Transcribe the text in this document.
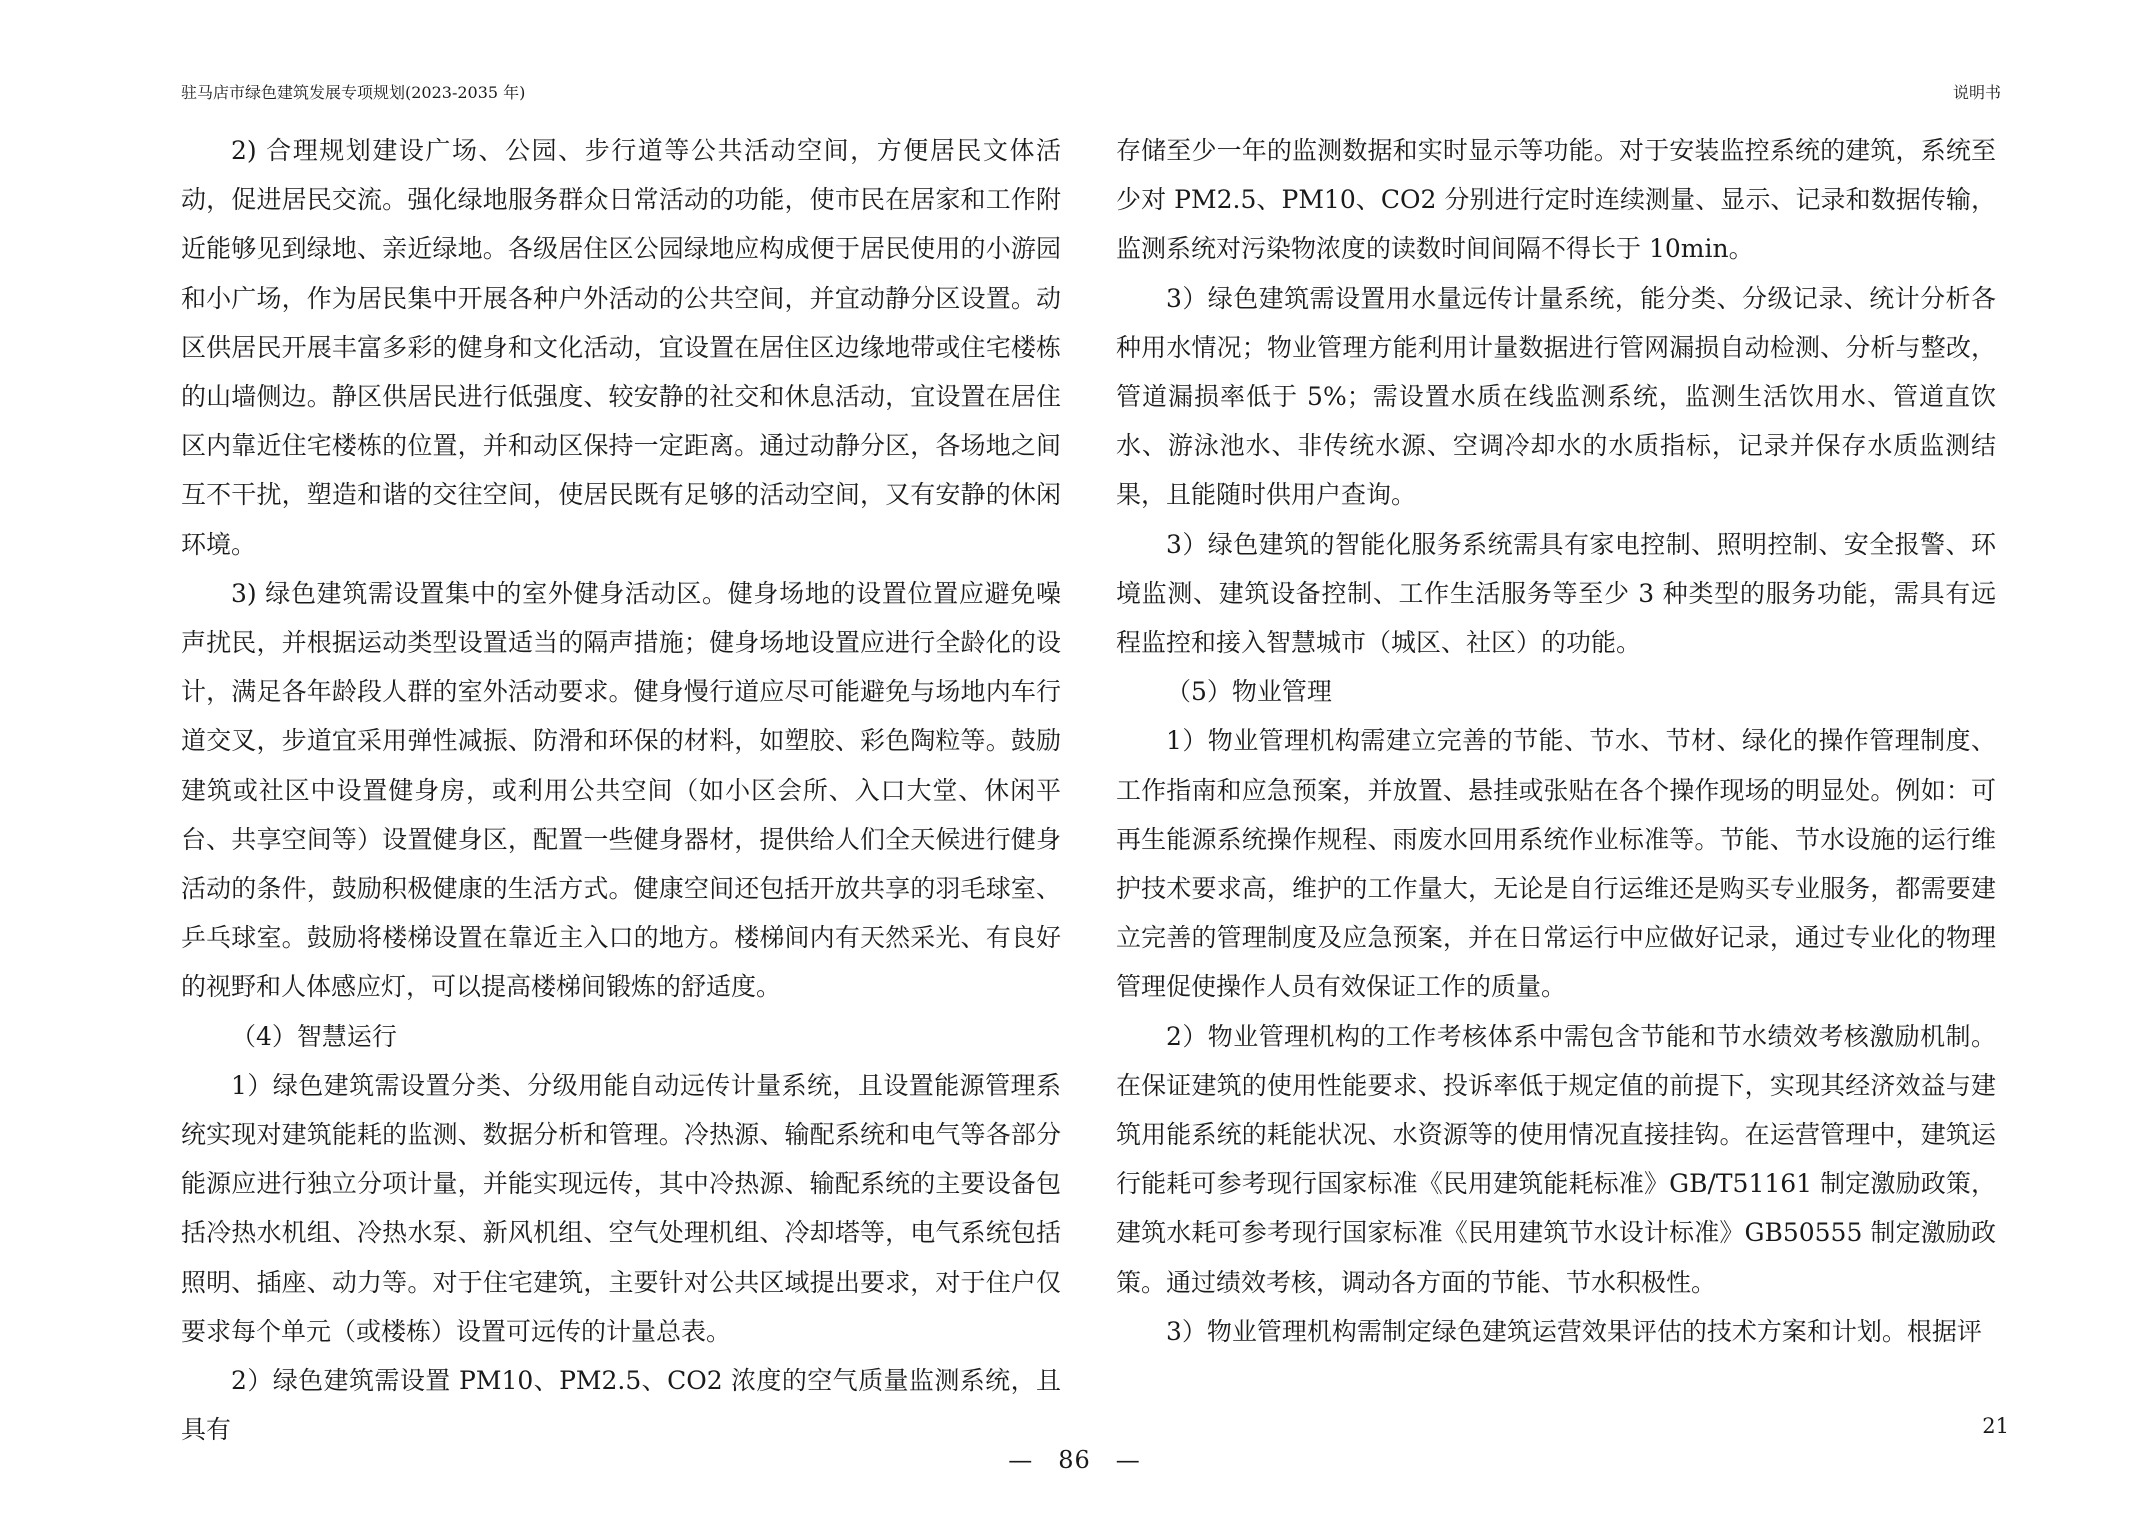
驻马店市绿色建筑发展专项规划(2023-2035 年)	说明书

2) 合理规划建设广场、公园、步行道等公共活动空间，方便居民文体活动，促进居民交流。强化绿地服务群众日常活动的功能，使市民在居家和工作附近能够见到绿地、亲近绿地。各级居住区公园绿地应构成便于居民使用的小游园和小广场，作为居民集中开展各种户外活动的公共空间，并宜动静分区设置。动区供居民开展丰富多彩的健身和文化活动，宜设置在居住区边缘地带或住宅楼栋的山墙侧边。静区供居民进行低强度、较安静的社交和休息活动，宜设置在居住区内靠近住宅楼栋的位置，并和动区保持一定距离。通过动静分区，各场地之间互不干扰，塑造和谐的交往空间，使居民既有足够的活动空间，又有安静的休闲环境。

3) 绿色建筑需设置集中的室外健身活动区。健身场地的设置位置应避免噪声扰民，并根据运动类型设置适当的隔声措施；健身场地设置应进行全龄化的设计，满足各年龄段人群的室外活动要求。健身慢行道应尽可能避免与场地内车行道交叉，步道宜采用弹性减振、防滑和环保的材料，如塑胶、彩色陶粒等。鼓励建筑或社区中设置健身房，或利用公共空间（如小区会所、入口大堂、休闲平台、共享空间等）设置健身区，配置一些健身器材，提供给人们全天候进行健身活动的条件，鼓励积极健康的生活方式。健康空间还包括开放共享的羽毛球室、乒乓球室。鼓励将楼梯设置在靠近主入口的地方。楼梯间内有天然采光、有良好的视野和人体感应灯，可以提高楼梯间锻炼的舒适度。

（4）智慧运行

1）绿色建筑需设置分类、分级用能自动远传计量系统，且设置能源管理系统实现对建筑能耗的监测、数据分析和管理。冷热源、输配系统和电气等各部分能源应进行独立分项计量，并能实现远传，其中冷热源、输配系统的主要设备包括冷热水机组、冷热水泵、新风机组、空气处理机组、冷却塔等，电气系统包括照明、插座、动力等。对于住宅建筑，主要针对公共区域提出要求，对于住户仅要求每个单元（或楼栋）设置可远传的计量总表。

2）绿色建筑需设置 PM10、PM2.5、CO2 浓度的空气质量监测系统，且具有

存储至少一年的监测数据和实时显示等功能。对于安装监控系统的建筑，系统至少对 PM2.5、PM10、CO2 分别进行定时连续测量、显示、记录和数据传输，监测系统对污染物浓度的读数时间间隔不得长于 10min。

3）绿色建筑需设置用水量远传计量系统，能分类、分级记录、统计分析各种用水情况；物业管理方能利用计量数据进行管网漏损自动检测、分析与整改，管道漏损率低于 5%；需设置水质在线监测系统，监测生活饮用水、管道直饮水、游泳池水、非传统水源、空调冷却水的水质指标，记录并保存水质监测结果，且能随时供用户查询。

3）绿色建筑的智能化服务系统需具有家电控制、照明控制、安全报警、环境监测、建筑设备控制、工作生活服务等至少 3 种类型的服务功能，需具有远程监控和接入智慧城市（城区、社区）的功能。

（5）物业管理

1）物业管理机构需建立完善的节能、节水、节材、绿化的操作管理制度、工作指南和应急预案，并放置、悬挂或张贴在各个操作现场的明显处。例如：可再生能源系统操作规程、雨废水回用系统作业标准等。节能、节水设施的运行维护技术要求高，维护的工作量大，无论是自行运维还是购买专业服务，都需要建立完善的管理制度及应急预案，并在日常运行中应做好记录，通过专业化的物理管理促使操作人员有效保证工作的质量。

2）物业管理机构的工作考核体系中需包含节能和节水绩效考核激励机制。在保证建筑的使用性能要求、投诉率低于规定值的前提下，实现其经济效益与建筑用能系统的耗能状况、水资源等的使用情况直接挂钩。在运营管理中，建筑运行能耗可参考现行国家标准《民用建筑能耗标准》GB/T51161 制定激励政策，建筑水耗可参考现行国家标准《民用建筑节水设计标准》GB50555 制定激励政策。通过绩效考核，调动各方面的节能、节水积极性。

3）物业管理机构需制定绿色建筑运营效果评估的技术方案和计划。根据评

21
—　86　—
